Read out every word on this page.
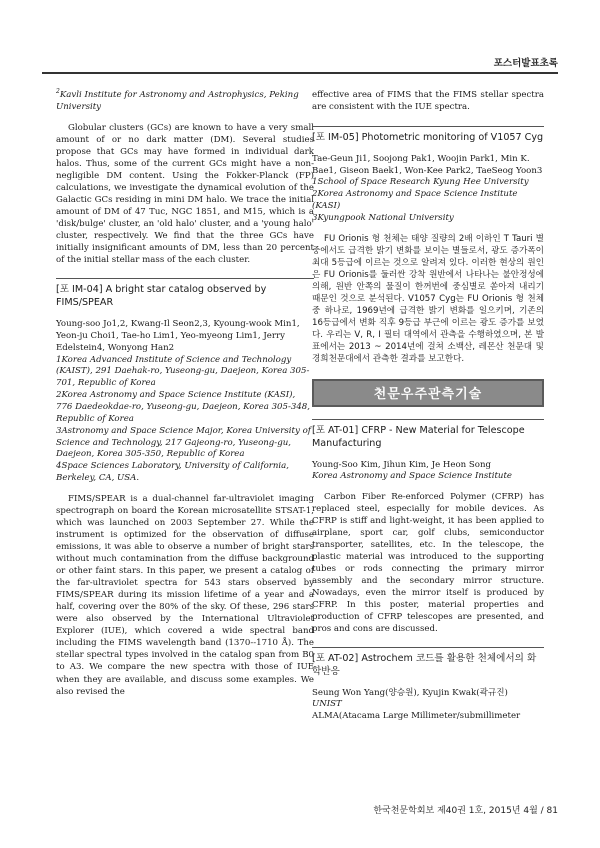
포스터발표초록

$^2$Kavli Institute for Astronomy and Astrophysics, Peking University

Globular clusters (GCs) are known to have a very small amount of or no dark matter (DM). Several studies propose that GCs may have formed in individual dark halos. Thus, some of the current GCs might have a non-negligible DM content. Using the Fokker-Planck (FP) calculations, we investigate the dynamical evolution of the Galactic GCs residing in mini DM halo. We trace the initial amount of DM of 47 Tuc, NGC 1851, and M15, which is a 'disk/bulge' cluster, an 'old halo' cluster, and a 'young halo' cluster, respectively. We find that the three GCs have initially insignificant amounts of DM, less than 20 percent of the initial stellar mass of the each cluster.

[포 IM-04] A bright star catalog observed by FIMS/SPEAR

Young-soo Jo1,2, Kwang-Il Seon2,3, Kyoung-wook Min1, Yeon-ju Choi1, Tae-ho Lim1, Yeo-myeong Lim1, Jerry Edelstein4, Wonyong Han2

1Korea Advanced Institute of Science and Technology (KAIST), 291 Daehak-ro, Yuseong-gu, Daejeon, Korea 305-701, Republic of Korea

2Korea Astronomy and Space Science Institute (KASI), 776 Daedeokdae-ro, Yuseong-gu, Daejeon, Korea 305-348, Republic of Korea

3Astronomy and Space Science Major, Korea University of Science and Technology, 217 Gajeong-ro, Yuseong-gu, Daejeon, Korea 305-350, Republic of Korea

4Space Sciences Laboratory, University of California, Berkeley, CA, USA.

FIMS/SPEAR is a dual-channel far-ultraviolet imaging spectrograph on board the Korean microsatellite STSAT-1, which was launched on 2003 September 27. While the instrument is optimized for the observation of diffuse emissions, it was able to observe a number of bright stars without much contamination from the diffuse background or other faint stars. In this paper, we present a catalog of the far-ultraviolet spectra for 543 stars observed by FIMS/SPEAR during its mission lifetime of a year and a half, covering over the 80% of the sky. Of these, 296 stars were also observed by the International Ultraviolet Explorer (IUE), which covered a wide spectral band including the FIMS wavelength band (1370--1710 Å). The stellar spectral types involved in the catalog span from B0 to A3. We compare the new spectra with those of IUE when they are available, and discuss some examples. We also revised the

effective area of FIMS that the FIMS stellar spectra are consistent with the IUE spectra.

[포 IM-05] Photometric monitoring of V1057 Cyg

Tae-Geun Ji1, Soojong Pak1, Woojin Park1, Min K. Bae1, Giseon Baek1, Won-Kee Park2, TaeSeog Yoon3

1School of Space Research Kyung Hee University

2Korea Astronomy and Space Science Institute (KASI)

3Kyungpook National University

FU Orionis 형 천체는 태양 질량의 2배 이하인 T Tauri 별 중에서도 급격한 밝기 변화를 보이는 별들로서, 광도 증가폭이 최대 5등급에 이르는 것으로 알려져 있다. 이러한 현상의 원인은 FU Orionis를 둘러싼 강착 원반에서 나타나는 불안정성에 의해, 원반 안쪽의 물질이 한꺼번에 중심별로 쏟아져 내리기 때문인 것으로 분석된다. V1057 Cyg는 FU Orionis 형 천체 중 하나로, 1969년에 급격한 밝기 변화를 일으키며, 기존의 16등급에서 변화 직후 9등급 부근에 이르는 광도 증가를 보였다. 우리는 V, R, I 필터 대역에서 관측을 수행하였으며, 본 발표에서는 2013 ~ 2014년에 걸쳐 소백산, 레몬산 천문대 및 경희천문대에서 관측한 결과를 보고한다.

천문우주관측기술
[포 AT-01] CFRP - New Material for Telescope Manufacturing

Young-Soo Kim, Jihun Kim, Je Heon Song

Korea Astronomy and Space Science Institute

Carbon Fiber Re-enforced Polymer (CFRP) has replaced steel, especially for mobile devices. As CFRP is stiff and light-weight, it has been applied to airplane, sport car, golf clubs, semiconductor transporter, satellites, etc. In the telescope, the plastic material was introduced to the supporting tubes or rods connecting the primary mirror assembly and the secondary mirror structure. Nowadays, even the mirror itself is produced by CFRP. In this poster, material properties and production of CFRP telescopes are presented, and pros and cons are discussed.

[포 AT-02] Astrochem 코드를 활용한 천체에서의 화학반응

Seung Won Yang(양승원), Kyujin Kwak(곽규진)

UNIST

ALMA(Atacama Large Millimeter/submillimeter

한국천문학회보 제40권 1호, 2015년 4월 / 81
